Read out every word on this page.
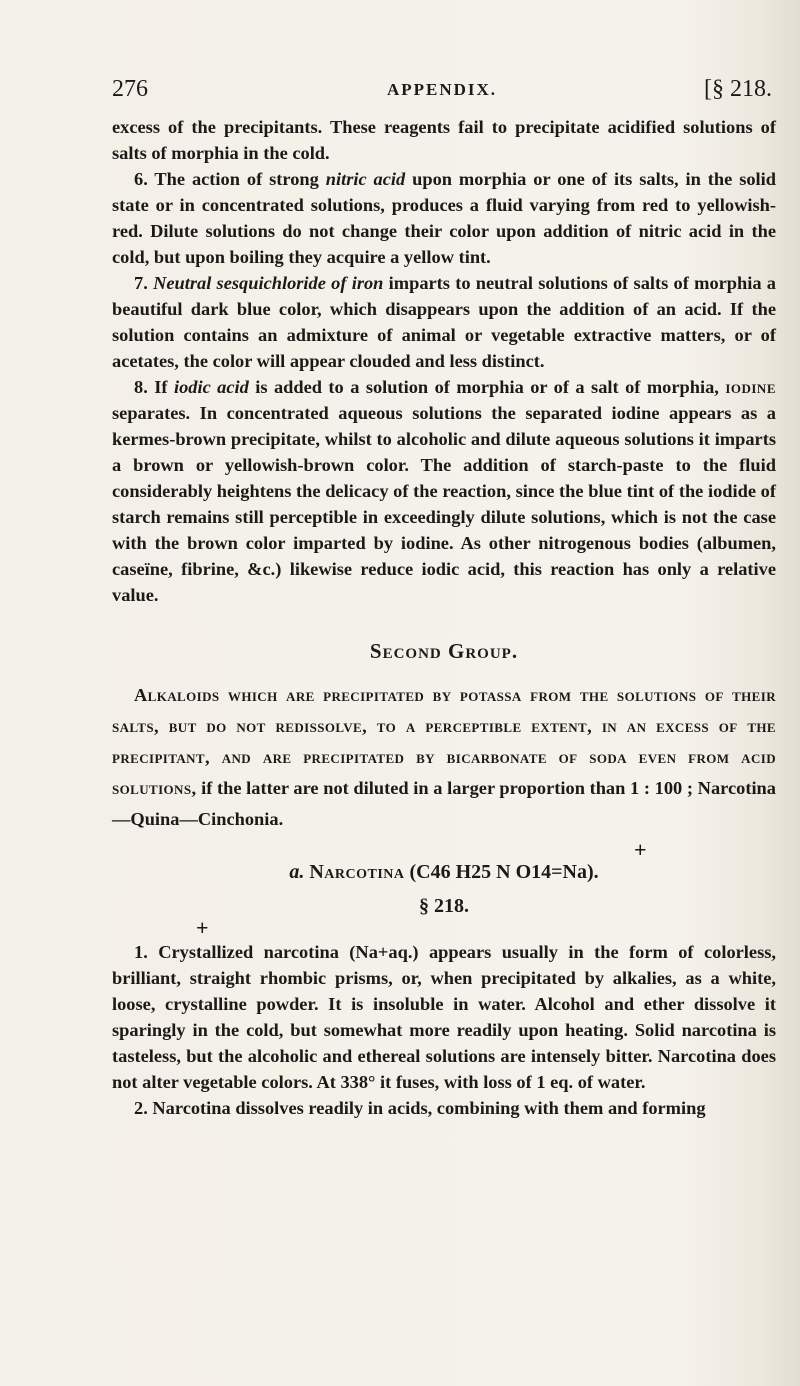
276	APPENDIX.	[§ 218.

excess of the precipitants. These reagents fail to precipitate acidified solutions of salts of morphia in the cold.

6. The action of strong nitric acid upon morphia or one of its salts, in the solid state or in concentrated solutions, produces a fluid varying from red to yellowish-red. Dilute solutions do not change their color upon addition of nitric acid in the cold, but upon boiling they acquire a yellow tint.

7. Neutral sesquichloride of iron imparts to neutral solutions of salts of morphia a beautiful dark blue color, which disappears upon the addition of an acid. If the solution contains an admixture of animal or vegetable extractive matters, or of acetates, the color will appear clouded and less distinct.

8. If iodic acid is added to a solution of morphia or of a salt of morphia, iodine separates. In concentrated aqueous solutions the separated iodine appears as a kermes-brown precipitate, whilst to alcoholic and dilute aqueous solutions it imparts a brown or yellowish-brown color. The addition of starch-paste to the fluid considerably heightens the delicacy of the reaction, since the blue tint of the iodide of starch remains still perceptible in exceedingly dilute solutions, which is not the case with the brown color imparted by iodine. As other nitrogenous bodies (albumen, caseïne, fibrine, &c.) likewise reduce iodic acid, this reaction has only a relative value.

Second Group.

Alkaloids which are precipitated by potassa from the solutions of their salts, but do not redissolve, to a perceptible extent, in an excess of the precipitant, and are precipitated by bicarbonate of soda even from acid solutions, if the latter are not diluted in a larger proportion than 1 : 100 ; Narcotina—Quina—Cinchonia.

+
a. Narcotina (C46 H25 N O14=Na).
§ 218.
+

1. Crystallized narcotina (Na+aq.) appears usually in the form of colorless, brilliant, straight rhombic prisms, or, when precipitated by alkalies, as a white, loose, crystalline powder. It is insoluble in water. Alcohol and ether dissolve it sparingly in the cold, but somewhat more readily upon heating. Solid narcotina is tasteless, but the alcoholic and ethereal solutions are intensely bitter. Narcotina does not alter vegetable colors. At 338° it fuses, with loss of 1 eq. of water.

2. Narcotina dissolves readily in acids, combining with them and forming
